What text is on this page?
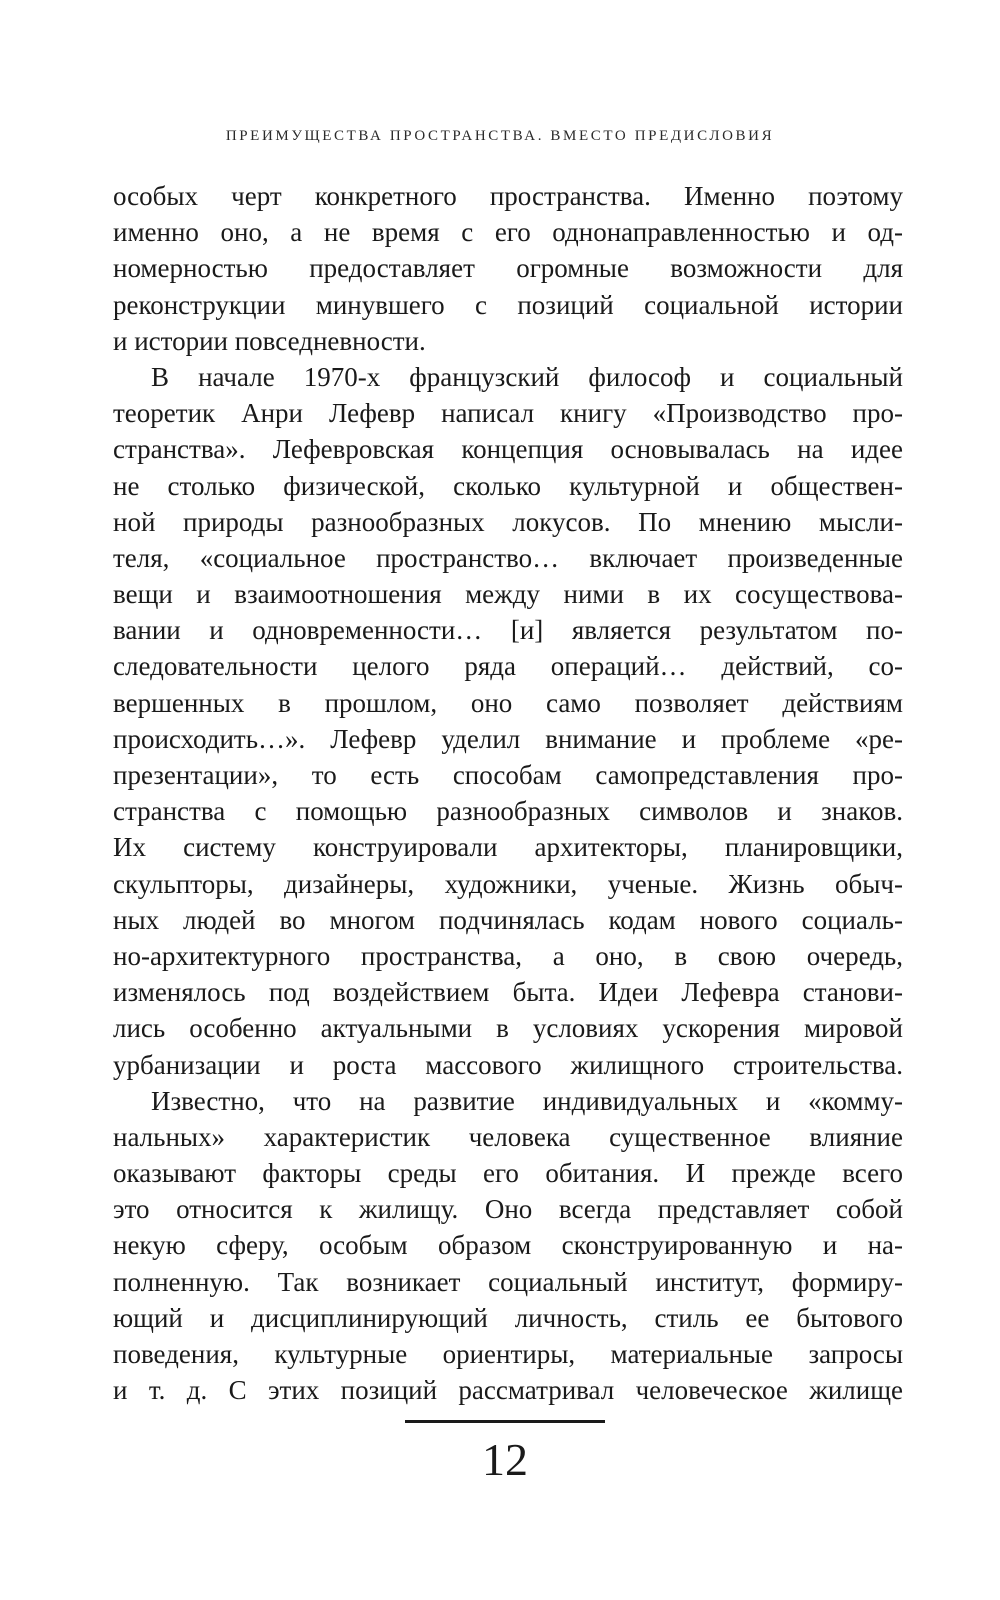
ПРЕИМУЩЕСТВА ПРОСТРАНСТВА. ВМЕСТО ПРЕДИСЛОВИЯ
особых черт конкретного пространства. Именно поэтому
именно оно, а не время с его однонаправленностью и од-
номерностью предоставляет огромные возможности для
реконструкции минувшего с позиций социальной истории
и истории повседневности.
В начале 1970-х французский философ и социальный
теоретик Анри Лефевр написал книгу «Производство про-
странства». Лефевровская концепция основывалась на идее
не столько физической, сколько культурной и обществен-
ной природы разнообразных локусов. По мнению мысли-
теля, «социальное пространство… включает произведенные
вещи и взаимоотношения между ними в их сосуществова-
вании и одновременности… [и] является результатом по-
следовательности целого ряда операций… действий, со-
вершенных в прошлом, оно само позволяет действиям
происходить…». Лефевр уделил внимание и проблеме «ре-
презентации», то есть способам самопредставления про-
странства с помощью разнообразных символов и знаков.
Их систему конструировали архитекторы, планировщики,
скульпторы, дизайнеры, художники, ученые. Жизнь обыч-
ных людей во многом подчинялась кодам нового социаль-
но-архитектурного пространства, а оно, в свою очередь,
изменялось под воздействием быта. Идеи Лефевра станови-
лись особенно актуальными в условиях ускорения мировой
урбанизации и роста массового жилищного строительства.
Известно, что на развитие индивидуальных и «комму-
нальных» характеристик человека существенное влияние
оказывают факторы среды его обитания. И прежде всего
это относится к жилищу. Оно всегда представляет собой
некую сферу, особым образом сконструированную и на-
полненную. Так возникает социальный институт, формиру-
ющий и дисциплинирующий личность, стиль ее бытового
поведения, культурные ориентиры, материальные запросы
и т. д. С этих позиций рассматривал человеческое жилище
12
